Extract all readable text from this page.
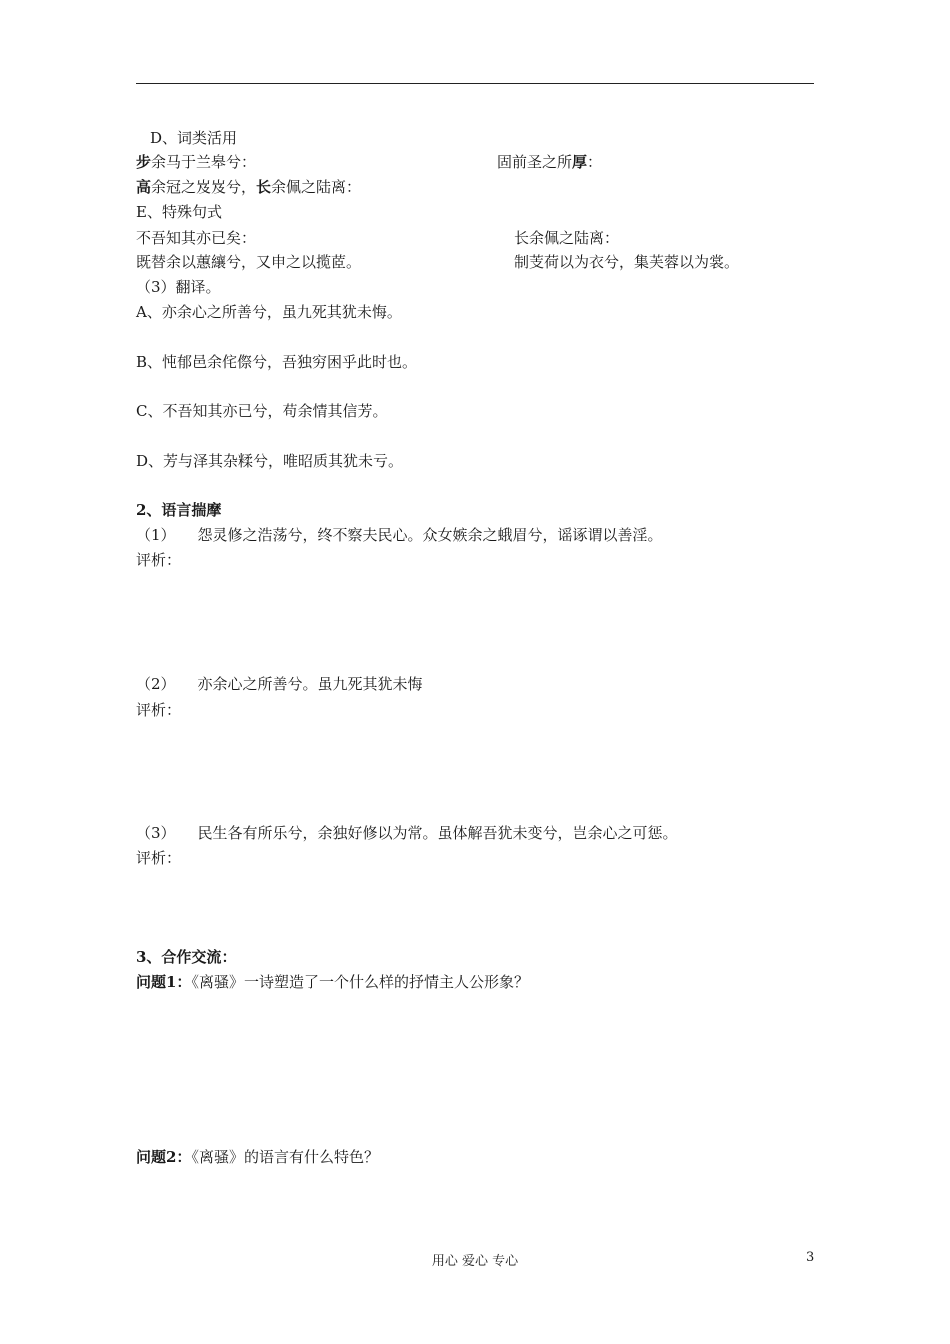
D、词类活用
步余马于兰皋兮：	固前圣之所厚：
高余冠之岌岌兮，长余佩之陆离：
E、特殊句式
不吾知其亦已矣：	长余佩之陆离：
既替余以蕙纕兮，又申之以揽茝。	制芰荷以为衣兮，集芙蓉以为裳。
（3）翻译。
A、亦余心之所善兮，虽九死其犹未悔。
B、忳郁邑余侘傺兮，吾独穷困乎此时也。
C、不吾知其亦已兮，苟余情其信芳。
D、芳与泽其杂糅兮，唯昭质其犹未亏。
2、语言揣摩
（1） 怨灵修之浩荡兮，终不察夫民心。众女嫉余之蛾眉兮，谣诼谓以善淫。
评析：
（2） 亦余心之所善兮。虽九死其犹未悔
评析：
（3） 民生各有所乐兮，余独好修以为常。虽体解吾犹未变兮，岂余心之可惩。
评析：
3、合作交流：
问题1：《离骚》一诗塑造了一个什么样的抒情主人公形象？
问题2：《离骚》的语言有什么特色？
用心 爱心 专心	3
